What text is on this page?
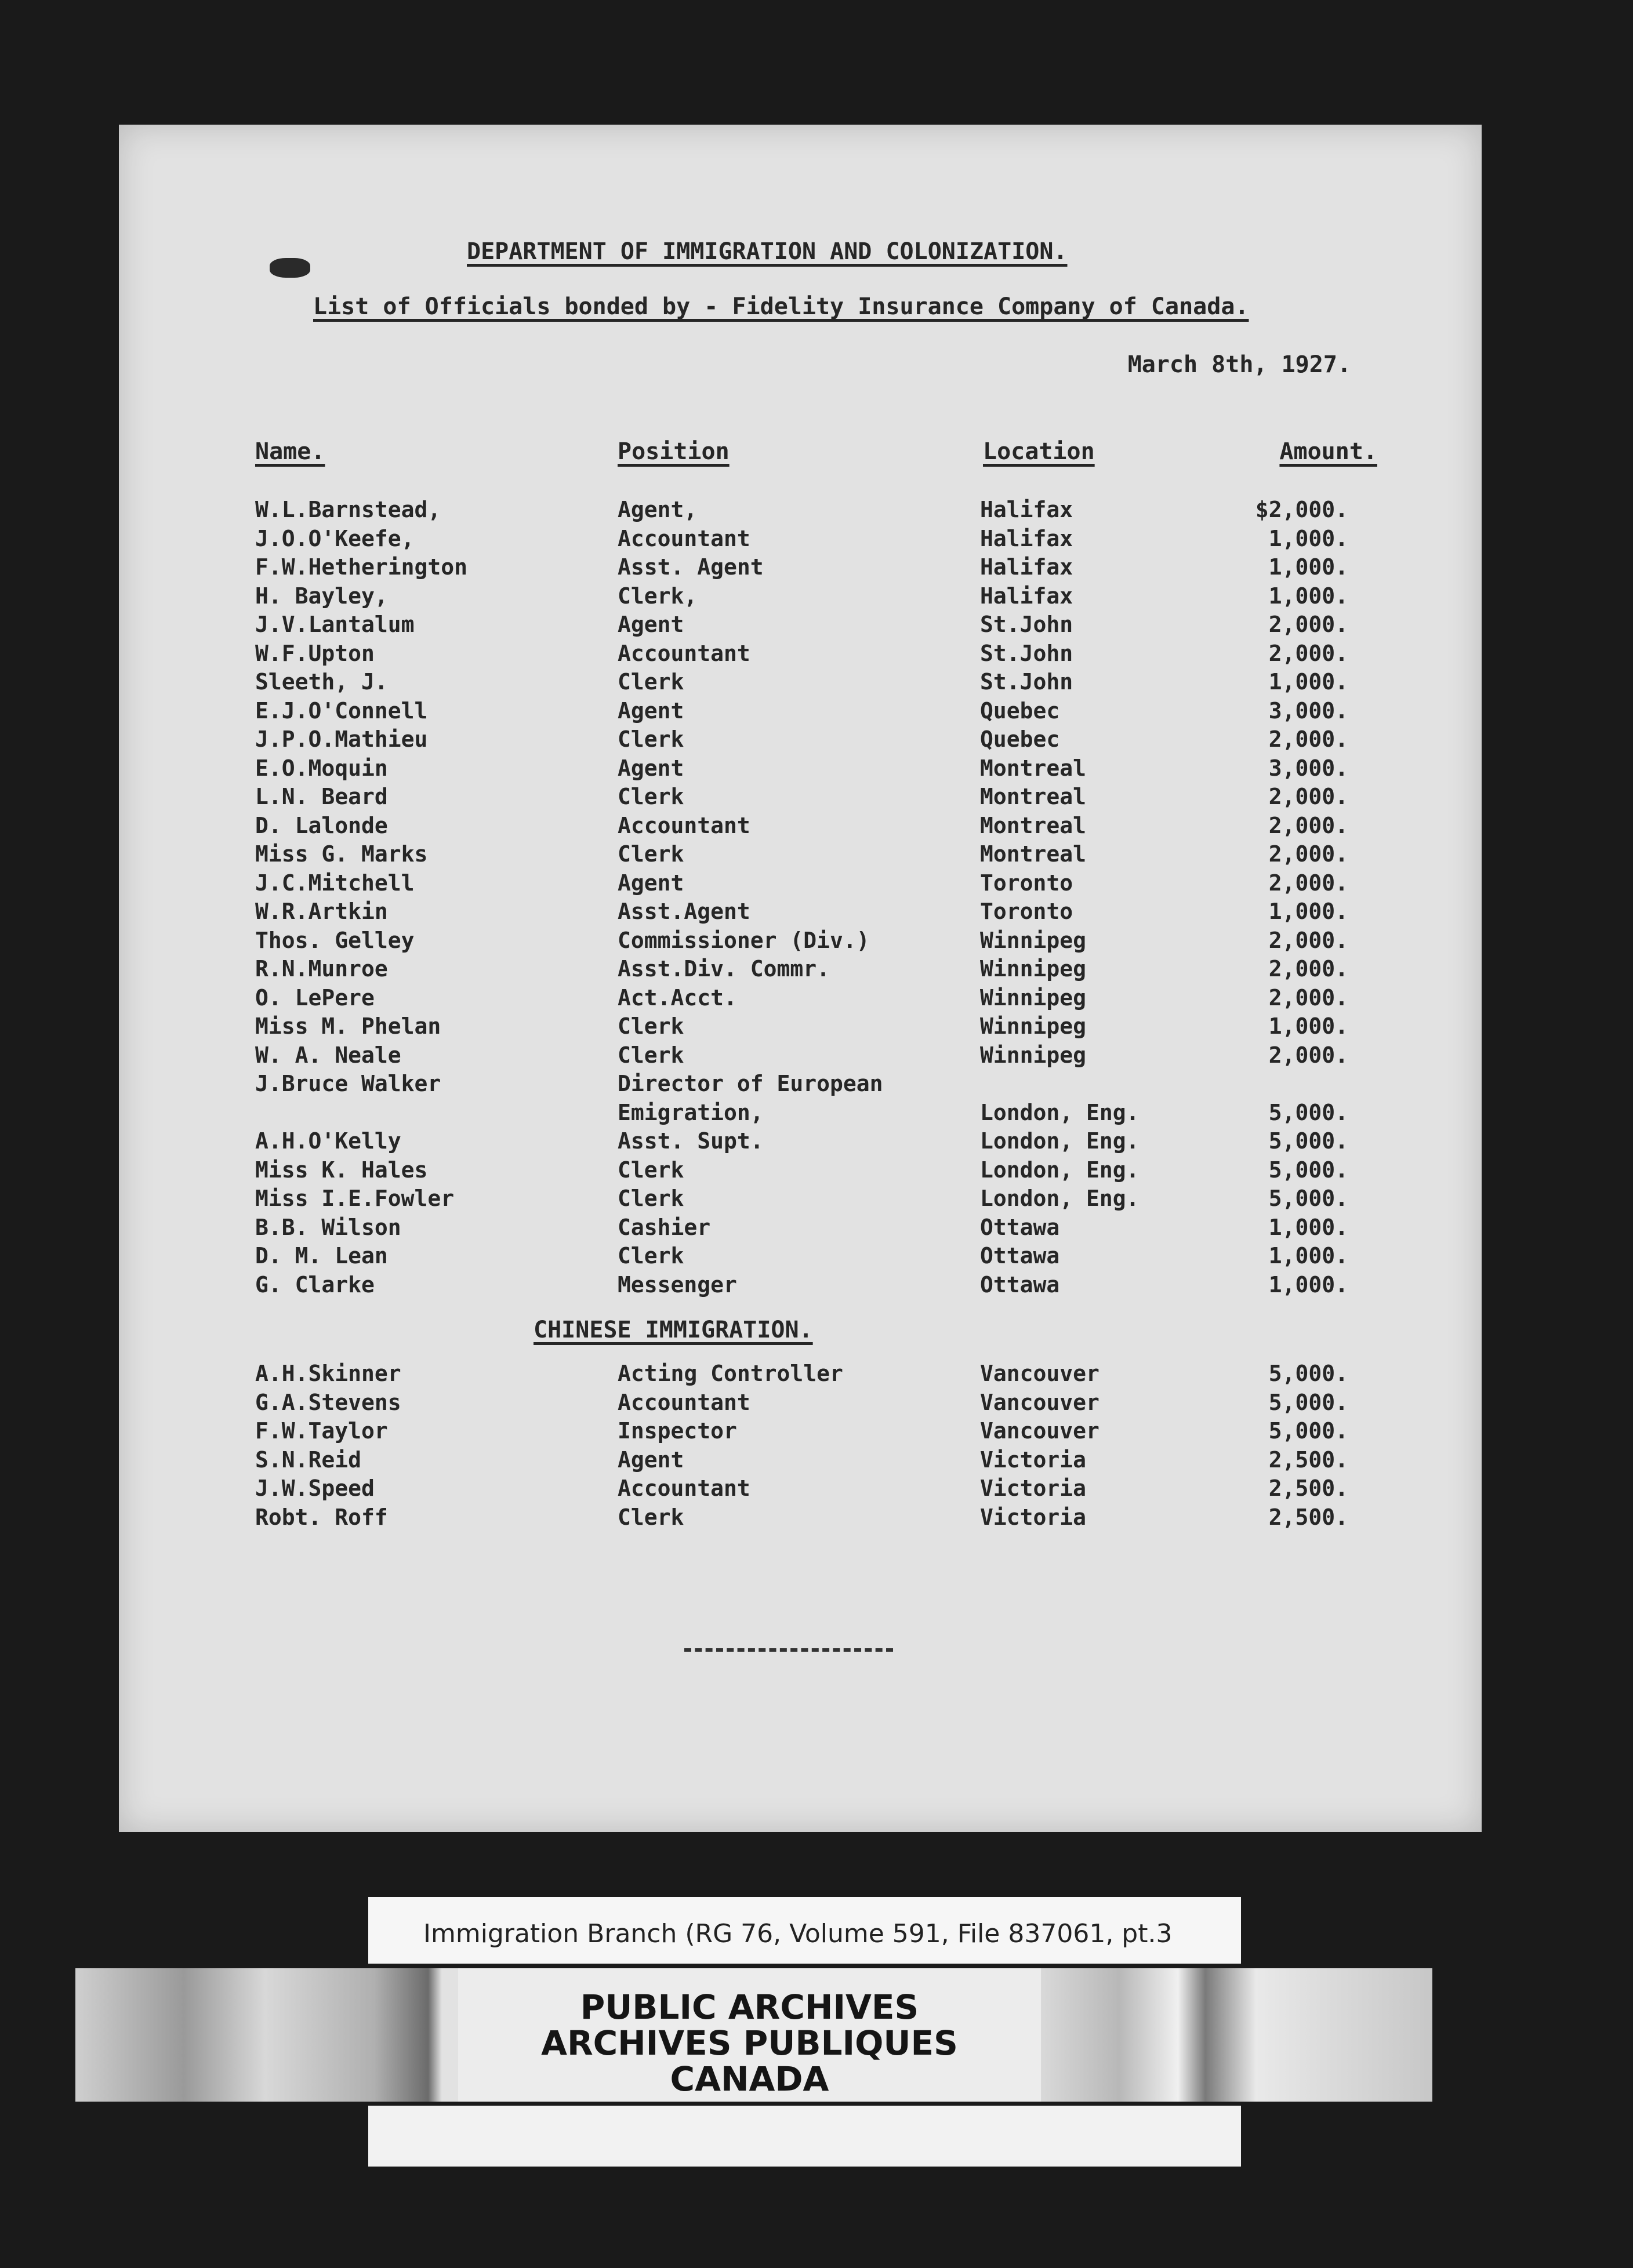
DEPARTMENT OF IMMIGRATION AND COLONIZATION.
List of Officials bonded by - Fidelity Insurance Company of Canada.
March 8th, 1927.
Name.	Position	Location	Amount.
W.L.Barnstead,	Agent,	Halifax	$2,000.
J.O.O'Keefe,	Accountant	Halifax	1,000.
F.W.Hetherington	Asst. Agent	Halifax	1,000.
H. Bayley,	Clerk,	Halifax	1,000.
J.V.Lantalum	Agent	St.John	2,000.
W.F.Upton	Accountant	St.John	2,000.
Sleeth, J.	Clerk	St.John	1,000.
E.J.O'Connell	Agent	Quebec	3,000.
J.P.O.Mathieu	Clerk	Quebec	2,000.
E.O.Moquin	Agent	Montreal	3,000.
L.N. Beard	Clerk	Montreal	2,000.
D. Lalonde	Accountant	Montreal	2,000.
Miss G. Marks	Clerk	Montreal	2,000.
J.C.Mitchell	Agent	Toronto	2,000.
W.R.Artkin	Asst.Agent	Toronto	1,000.
Thos. Gelley	Commissioner (Div.)	Winnipeg	2,000.
R.N.Munroe	Asst.Div. Commr.	Winnipeg	2,000.
O. LePere	Act.Acct.	Winnipeg	2,000.
Miss M. Phelan	Clerk	Winnipeg	1,000.
W. A. Neale	Clerk	Winnipeg	2,000.
J.Bruce Walker	Director of European
Emigration,	London, Eng.	5,000.
A.H.O'Kelly	Asst. Supt.	London, Eng.	5,000.
Miss K. Hales	Clerk	London, Eng.	5,000.
Miss I.E.Fowler	Clerk	London, Eng.	5,000.
B.B. Wilson	Cashier	Ottawa	1,000.
D. M. Lean	Clerk	Ottawa	1,000.
G. Clarke	Messenger	Ottawa	1,000.
CHINESE IMMIGRATION.
A.H.Skinner	Acting Controller	Vancouver	5,000.
G.A.Stevens	Accountant	Vancouver	5,000.
F.W.Taylor	Inspector	Vancouver	5,000.
S.N.Reid	Agent	Victoria	2,500.
J.W.Speed	Accountant	Victoria	2,500.
Robt. Roff	Clerk	Victoria	2,500.
Immigration Branch (RG 76, Volume 591, File 837061, pt.3
PUBLIC ARCHIVES
ARCHIVES PUBLIQUES
CANADA
